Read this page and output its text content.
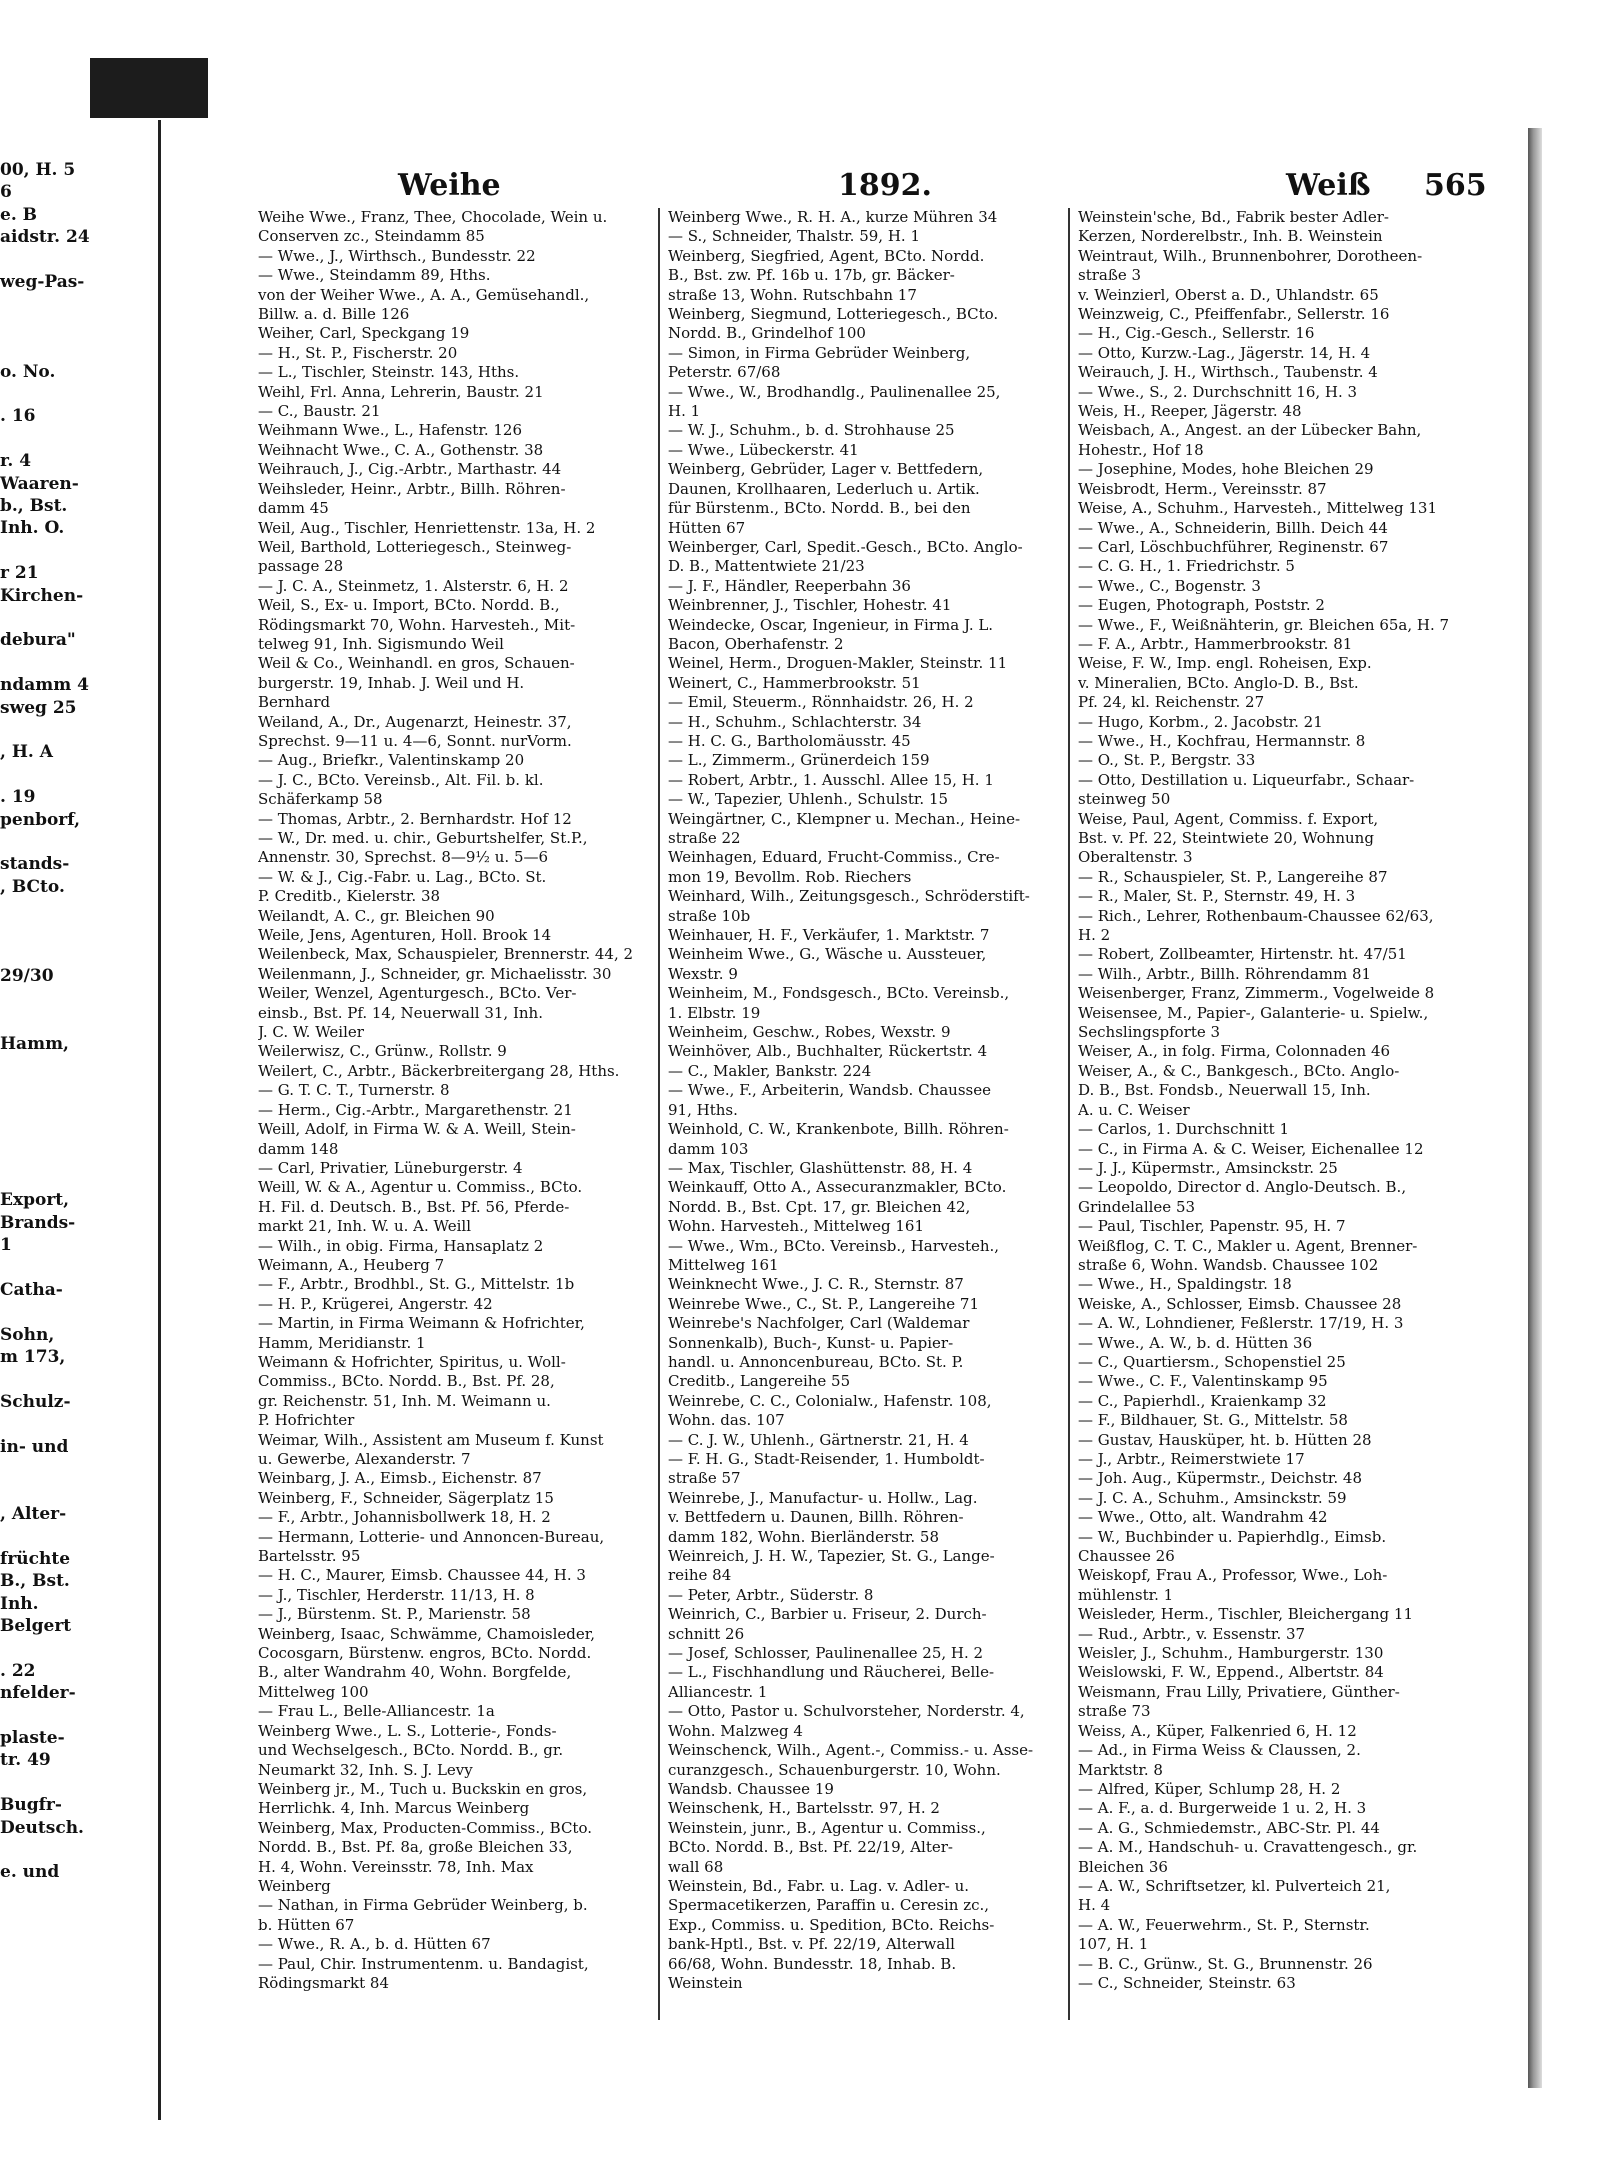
00, H. 5
6
e. B
aidstr. 24
weg-Pas-
o. No.
. 16
r. 4
Waaren-
b., Bst.
Inh. O.
r 21
Kirchen-
debura"
ndamm 4
sweg 25
, H. A
. 19
penborf,
stands-
, BCto.
29/30
Hamm,
Export,
Brands-
1
Catha-
Sohn,
m 173,
Schulz-
in- und
, Alter-
früchte
B., Bst.
Inh.
Belgert
. 22
nfelder-
plaste-
tr. 49
Bugfr-
Deutsch.
e. und
Weihe	1892.	Weiß 565
Weihe Wwe., Franz, Thee, Chocolade, Wein u.
Conserven zc., Steindamm 85
— Wwe., J., Wirthsch., Bundesstr. 22
— Wwe., Steindamm 89, Hths.
von der Weiher Wwe., A. A., Gemüsehandl.,
Billw. a. d. Bille 126
Weiher, Carl, Speckgang 19
— H., St. P., Fischerstr. 20
— L., Tischler, Steinstr. 143, Hths.
Weihl, Frl. Anna, Lehrerin, Baustr. 21
— C., Baustr. 21
Weihmann Wwe., L., Hafenstr. 126
Weihnacht Wwe., C. A., Gothenstr. 38
Weihrauch, J., Cig.-Arbtr., Marthastr. 44
Weihsleder, Heinr., Arbtr., Billh. Röhren-
damm 45
Weil, Aug., Tischler, Henriettenstr. 13a, H. 2
Weil, Barthold, Lotteriegesch., Steinweg-
passage 28
— J. C. A., Steinmetz, 1. Alsterstr. 6, H. 2
Weil, S., Ex- u. Import, BCto. Nordd. B.,
Rödingsmarkt 70, Wohn. Harvesteh., Mit-
telweg 91, Inh. Sigismundo Weil
Weil & Co., Weinhandl. en gros, Schauen-
burgerstr. 19, Inhab. J. Weil und H.
Bernhard
Weiland, A., Dr., Augenarzt, Heinestr. 37,
Sprechst. 9—11 u. 4—6, Sonnt. nurVorm.
— Aug., Briefkr., Valentinskamp 20
— J. C., BCto. Vereinsb., Alt. Fil. b. kl.
Schäferkamp 58
— Thomas, Arbtr., 2. Bernhardstr. Hof 12
— W., Dr. med. u. chir., Geburtshelfer, St.P.,
Annenstr. 30, Sprechst. 8—9½ u. 5—6
— W. & J., Cig.-Fabr. u. Lag., BCto. St.
P. Creditb., Kielerstr. 38
Weilandt, A. C., gr. Bleichen 90
Weile, Jens, Agenturen, Holl. Brook 14
Weilenbeck, Max, Schauspieler, Brennerstr. 44, 2
Weilenmann, J., Schneider, gr. Michaelisstr. 30
Weiler, Wenzel, Agenturgesch., BCto. Ver-
einsb., Bst. Pf. 14, Neuerwall 31, Inh.
J. C. W. Weiler
Weilerwisz, C., Grünw., Rollstr. 9
Weilert, C., Arbtr., Bäckerbreitergang 28, Hths.
— G. T. C. T., Turnerstr. 8
— Herm., Cig.-Arbtr., Margarethenstr. 21
Weill, Adolf, in Firma W. & A. Weill, Stein-
damm 148
— Carl, Privatier, Lüneburgerstr. 4
Weill, W. & A., Agentur u. Commiss., BCto.
H. Fil. d. Deutsch. B., Bst. Pf. 56, Pferde-
markt 21, Inh. W. u. A. Weill
— Wilh., in obig. Firma, Hansaplatz 2
Weimann, A., Heuberg 7
— F., Arbtr., Brodhbl., St. G., Mittelstr. 1b
— H. P., Krügerei, Angerstr. 42
— Martin, in Firma Weimann & Hofrichter,
Hamm, Meridianstr. 1
Weimann & Hofrichter, Spiritus, u. Woll-
Commiss., BCto. Nordd. B., Bst. Pf. 28,
gr. Reichenstr. 51, Inh. M. Weimann u.
P. Hofrichter
Weimar, Wilh., Assistent am Museum f. Kunst
u. Gewerbe, Alexanderstr. 7
Weinbarg, J. A., Eimsb., Eichenstr. 87
Weinberg, F., Schneider, Sägerplatz 15
— F., Arbtr., Johannisbollwerk 18, H. 2
— Hermann, Lotterie- und Annoncen-Bureau,
Bartelsstr. 95
— H. C., Maurer, Eimsb. Chaussee 44, H. 3
— J., Tischler, Herderstr. 11/13, H. 8
— J., Bürstenm. St. P., Marienstr. 58
Weinberg, Isaac, Schwämme, Chamoisleder,
Cocosgarn, Bürstenw. engros, BCto. Nordd.
B., alter Wandrahm 40, Wohn. Borgfelde,
Mittelweg 100
— Frau L., Belle-Alliancestr. 1a
Weinberg Wwe., L. S., Lotterie-, Fonds-
und Wechselgesch., BCto. Nordd. B., gr.
Neumarkt 32, Inh. S. J. Levy
Weinberg jr., M., Tuch u. Buckskin en gros,
Herrlichk. 4, Inh. Marcus Weinberg
Weinberg, Max, Producten-Commiss., BCto.
Nordd. B., Bst. Pf. 8a, große Bleichen 33,
H. 4, Wohn. Vereinsstr. 78, Inh. Max
Weinberg
— Nathan, in Firma Gebrüder Weinberg, b.
b. Hütten 67
— Wwe., R. A., b. d. Hütten 67
— Paul, Chir. Instrumentenm. u. Bandagist,
Rödingsmarkt 84
Weinberg Wwe., R. H. A., kurze Mühren 34
— S., Schneider, Thalstr. 59, H. 1
Weinberg, Siegfried, Agent, BCto. Nordd.
B., Bst. zw. Pf. 16b u. 17b, gr. Bäcker-
straße 13, Wohn. Rutschbahn 17
Weinberg, Siegmund, Lotteriegesch., BCto.
Nordd. B., Grindelhof 100
— Simon, in Firma Gebrüder Weinberg,
Peterstr. 67/68
— Wwe., W., Brodhandlg., Paulinenallee 25,
H. 1
— W. J., Schuhm., b. d. Strohhause 25
— Wwe., Lübeckerstr. 41
Weinberg, Gebrüder, Lager v. Bettfedern,
Daunen, Krollhaaren, Lederluch u. Artik.
für Bürstenm., BCto. Nordd. B., bei den
Hütten 67
Weinberger, Carl, Spedit.-Gesch., BCto. Anglo-
D. B., Mattentwiete 21/23
— J. F., Händler, Reeperbahn 36
Weinbrenner, J., Tischler, Hohestr. 41
Weindecke, Oscar, Ingenieur, in Firma J. L.
Bacon, Oberhafenstr. 2
Weinel, Herm., Droguen-Makler, Steinstr. 11
Weinert, C., Hammerbrookstr. 51
— Emil, Steuerm., Rönnhaidstr. 26, H. 2
— H., Schuhm., Schlachterstr. 34
— H. C. G., Bartholomäusstr. 45
— L., Zimmerm., Grünerdeich 159
— Robert, Arbtr., 1. Ausschl. Allee 15, H. 1
— W., Tapezier, Uhlenh., Schulstr. 15
Weingärtner, C., Klempner u. Mechan., Heine-
straße 22
Weinhagen, Eduard, Frucht-Commiss., Cre-
mon 19, Bevollm. Rob. Riechers
Weinhard, Wilh., Zeitungsgesch., Schröderstift-
straße 10b
Weinhauer, H. F., Verkäufer, 1. Marktstr. 7
Weinheim Wwe., G., Wäsche u. Aussteuer,
Wexstr. 9
Weinheim, M., Fondsgesch., BCto. Vereinsb.,
1. Elbstr. 19
Weinheim, Geschw., Robes, Wexstr. 9
Weinhöver, Alb., Buchhalter, Rückertstr. 4
— C., Makler, Bankstr. 224
— Wwe., F., Arbeiterin, Wandsb. Chaussee
91, Hths.
Weinhold, C. W., Krankenbote, Billh. Röhren-
damm 103
— Max, Tischler, Glashüttenstr. 88, H. 4
Weinkauff, Otto A., Assecuranzmakler, BCto.
Nordd. B., Bst. Cpt. 17, gr. Bleichen 42,
Wohn. Harvesteh., Mittelweg 161
— Wwe., Wm., BCto. Vereinsb., Harvesteh.,
Mittelweg 161
Weinknecht Wwe., J. C. R., Sternstr. 87
Weinrebe Wwe., C., St. P., Langereihe 71
Weinrebe's Nachfolger, Carl (Waldemar
Sonnenkalb), Buch-, Kunst- u. Papier-
handl. u. Annoncenbureau, BCto. St. P.
Creditb., Langereihe 55
Weinrebe, C. C., Colonialw., Hafenstr. 108,
Wohn. das. 107
— C. J. W., Uhlenh., Gärtnerstr. 21, H. 4
— F. H. G., Stadt-Reisender, 1. Humboldt-
straße 57
Weinrebe, J., Manufactur- u. Hollw., Lag.
v. Bettfedern u. Daunen, Billh. Röhren-
damm 182, Wohn. Bierländerstr. 58
Weinreich, J. H. W., Tapezier, St. G., Lange-
reihe 84
— Peter, Arbtr., Süderstr. 8
Weinrich, C., Barbier u. Friseur, 2. Durch-
schnitt 26
— Josef, Schlosser, Paulinenallee 25, H. 2
— L., Fischhandlung und Räucherei, Belle-
Alliancestr. 1
— Otto, Pastor u. Schulvorsteher, Norderstr. 4,
Wohn. Malzweg 4
Weinschenck, Wilh., Agent.-, Commiss.- u. Asse-
curanzgesch., Schauenburgerstr. 10, Wohn.
Wandsb. Chaussee 19
Weinschenk, H., Bartelsstr. 97, H. 2
Weinstein, junr., B., Agentur u. Commiss.,
BCto. Nordd. B., Bst. Pf. 22/19, Alter-
wall 68
Weinstein, Bd., Fabr. u. Lag. v. Adler- u.
Spermacetikerzen, Paraffin u. Ceresin zc.,
Exp., Commiss. u. Spedition, BCto. Reichs-
bank-Hptl., Bst. v. Pf. 22/19, Alterwall
66/68, Wohn. Bundesstr. 18, Inhab. B.
Weinstein
Weinstein'sche, Bd., Fabrik bester Adler-
Kerzen, Norderelbstr., Inh. B. Weinstein
Weintraut, Wilh., Brunnenbohrer, Dorotheen-
straße 3
v. Weinzierl, Oberst a. D., Uhlandstr. 65
Weinzweig, C., Pfeiffenfabr., Sellerstr. 16
— H., Cig.-Gesch., Sellerstr. 16
— Otto, Kurzw.-Lag., Jägerstr. 14, H. 4
Weirauch, J. H., Wirthsch., Taubenstr. 4
— Wwe., S., 2. Durchschnitt 16, H. 3
Weis, H., Reeper, Jägerstr. 48
Weisbach, A., Angest. an der Lübecker Bahn,
Hohestr., Hof 18
— Josephine, Modes, hohe Bleichen 29
Weisbrodt, Herm., Vereinsstr. 87
Weise, A., Schuhm., Harvesteh., Mittelweg 131
— Wwe., A., Schneiderin, Billh. Deich 44
— Carl, Löschbuchführer, Reginenstr. 67
— C. G. H., 1. Friedrichstr. 5
— Wwe., C., Bogenstr. 3
— Eugen, Photograph, Poststr. 2
— Wwe., F., Weißnähterin, gr. Bleichen 65a, H. 7
— F. A., Arbtr., Hammerbrookstr. 81
Weise, F. W., Imp. engl. Roheisen, Exp.
v. Mineralien, BCto. Anglo-D. B., Bst.
Pf. 24, kl. Reichenstr. 27
— Hugo, Korbm., 2. Jacobstr. 21
— Wwe., H., Kochfrau, Hermannstr. 8
— O., St. P., Bergstr. 33
— Otto, Destillation u. Liqueurfabr., Schaar-
steinweg 50
Weise, Paul, Agent, Commiss. f. Export,
Bst. v. Pf. 22, Steintwiete 20, Wohnung
Oberaltenstr. 3
— R., Schauspieler, St. P., Langereihe 87
— R., Maler, St. P., Sternstr. 49, H. 3
— Rich., Lehrer, Rothenbaum-Chaussee 62/63,
H. 2
— Robert, Zollbeamter, Hirtenstr. ht. 47/51
— Wilh., Arbtr., Billh. Röhrendamm 81
Weisenberger, Franz, Zimmerm., Vogelweide 8
Weisensee, M., Papier-, Galanterie- u. Spielw.,
Sechslingspforte 3
Weiser, A., in folg. Firma, Colonnaden 46
Weiser, A., & C., Bankgesch., BCto. Anglo-
D. B., Bst. Fondsb., Neuerwall 15, Inh.
A. u. C. Weiser
— Carlos, 1. Durchschnitt 1
— C., in Firma A. & C. Weiser, Eichenallee 12
— J. J., Küpermstr., Amsinckstr. 25
— Leopoldo, Director d. Anglo-Deutsch. B.,
Grindelallee 53
— Paul, Tischler, Papenstr. 95, H. 7
Weißflog, C. T. C., Makler u. Agent, Brenner-
straße 6, Wohn. Wandsb. Chaussee 102
— Wwe., H., Spaldingstr. 18
Weiske, A., Schlosser, Eimsb. Chaussee 28
— A. W., Lohndiener, Feßlerstr. 17/19, H. 3
— Wwe., A. W., b. d. Hütten 36
— C., Quartiersm., Schopenstiel 25
— Wwe., C. F., Valentinskamp 95
— C., Papierhdl., Kraienkamp 32
— F., Bildhauer, St. G., Mittelstr. 58
— Gustav, Hausküper, ht. b. Hütten 28
— J., Arbtr., Reimerstwiete 17
— Joh. Aug., Küpermstr., Deichstr. 48
— J. C. A., Schuhm., Amsinckstr. 59
— Wwe., Otto, alt. Wandrahm 42
— W., Buchbinder u. Papierhdlg., Eimsb.
Chaussee 26
Weiskopf, Frau A., Professor, Wwe., Loh-
mühlenstr. 1
Weisleder, Herm., Tischler, Bleichergang 11
— Rud., Arbtr., v. Essenstr. 37
Weisler, J., Schuhm., Hamburgerstr. 130
Weislowski, F. W., Eppend., Albertstr. 84
Weismann, Frau Lilly, Privatiere, Günther-
straße 73
Weiss, A., Küper, Falkenried 6, H. 12
— Ad., in Firma Weiss & Claussen, 2.
Marktstr. 8
— Alfred, Küper, Schlump 28, H. 2
— A. F., a. d. Burgerweide 1 u. 2, H. 3
— A. G., Schmiedemstr., ABC-Str. Pl. 44
— A. M., Handschuh- u. Cravattengesch., gr.
Bleichen 36
— A. W., Schriftsetzer, kl. Pulverteich 21,
H. 4
— A. W., Feuerwehrm., St. P., Sternstr.
107, H. 1
— B. C., Grünw., St. G., Brunnenstr. 26
— C., Schneider, Steinstr. 63
